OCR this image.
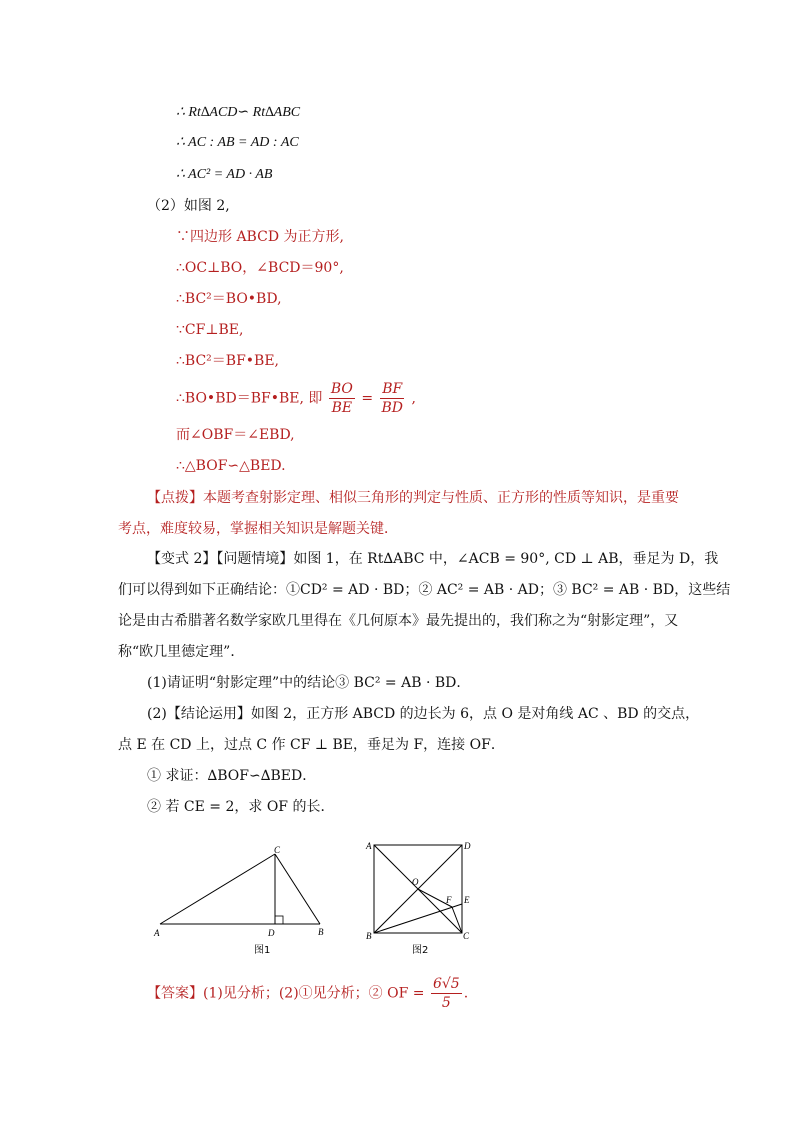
∴ Rt∆ACD∽ Rt∆ABC
∴ AC : AB = AD : AC
∴ AC² = AD · AB
（2）如图 2,
∵四边形 ABCD 为正方形,
∴OC⊥BO，∠BCD＝90°,
∴BC²＝BO•BD,
∵CF⊥BE,
∴BC²＝BF•BE,
∴BO•BD＝BF•BE, 即 $\frac{BO}{BE} = \frac{BF}{BD}$ ,
而∠OBF＝∠EBD,
∴△BOF∽△BED.
【点拨】本题考查射影定理、相似三角形的判定与性质、正方形的性质等知识，是重要
考点，难度较易，掌握相关知识是解题关键．
【变式 2】【问题情境】如图 1，在 Rt∆ABC 中，∠ACB = 90°, CD ⊥ AB，垂足为 D，我
们可以得到如下正确结论：①CD² = AD · BD；② AC² = AB · AD；③ BC² = AB · BD，这些结
论是由古希腊著名数学家欧几里得在《几何原本》最先提出的，我们称之为“射影定理”，又
称“欧几里德定理”．
(1)请证明“射影定理”中的结论③ BC² = AB · BD．
(2)【结论运用】如图 2，正方形 ABCD 的边长为 6，点 O 是对角线 AC 、BD 的交点，
点 E 在 CD 上，过点 C 作 CF ⊥ BE，垂足为 F，连接 OF．
① 求证：∆BOF∽∆BED．
② 若 CE = 2，求 OF 的长．
A	B
C
D
图1
A	D
B	C
O
F E
图2
【答案】(1)见分析；(2)①见分析；② OF = $\frac{6√5}{5}$ .
